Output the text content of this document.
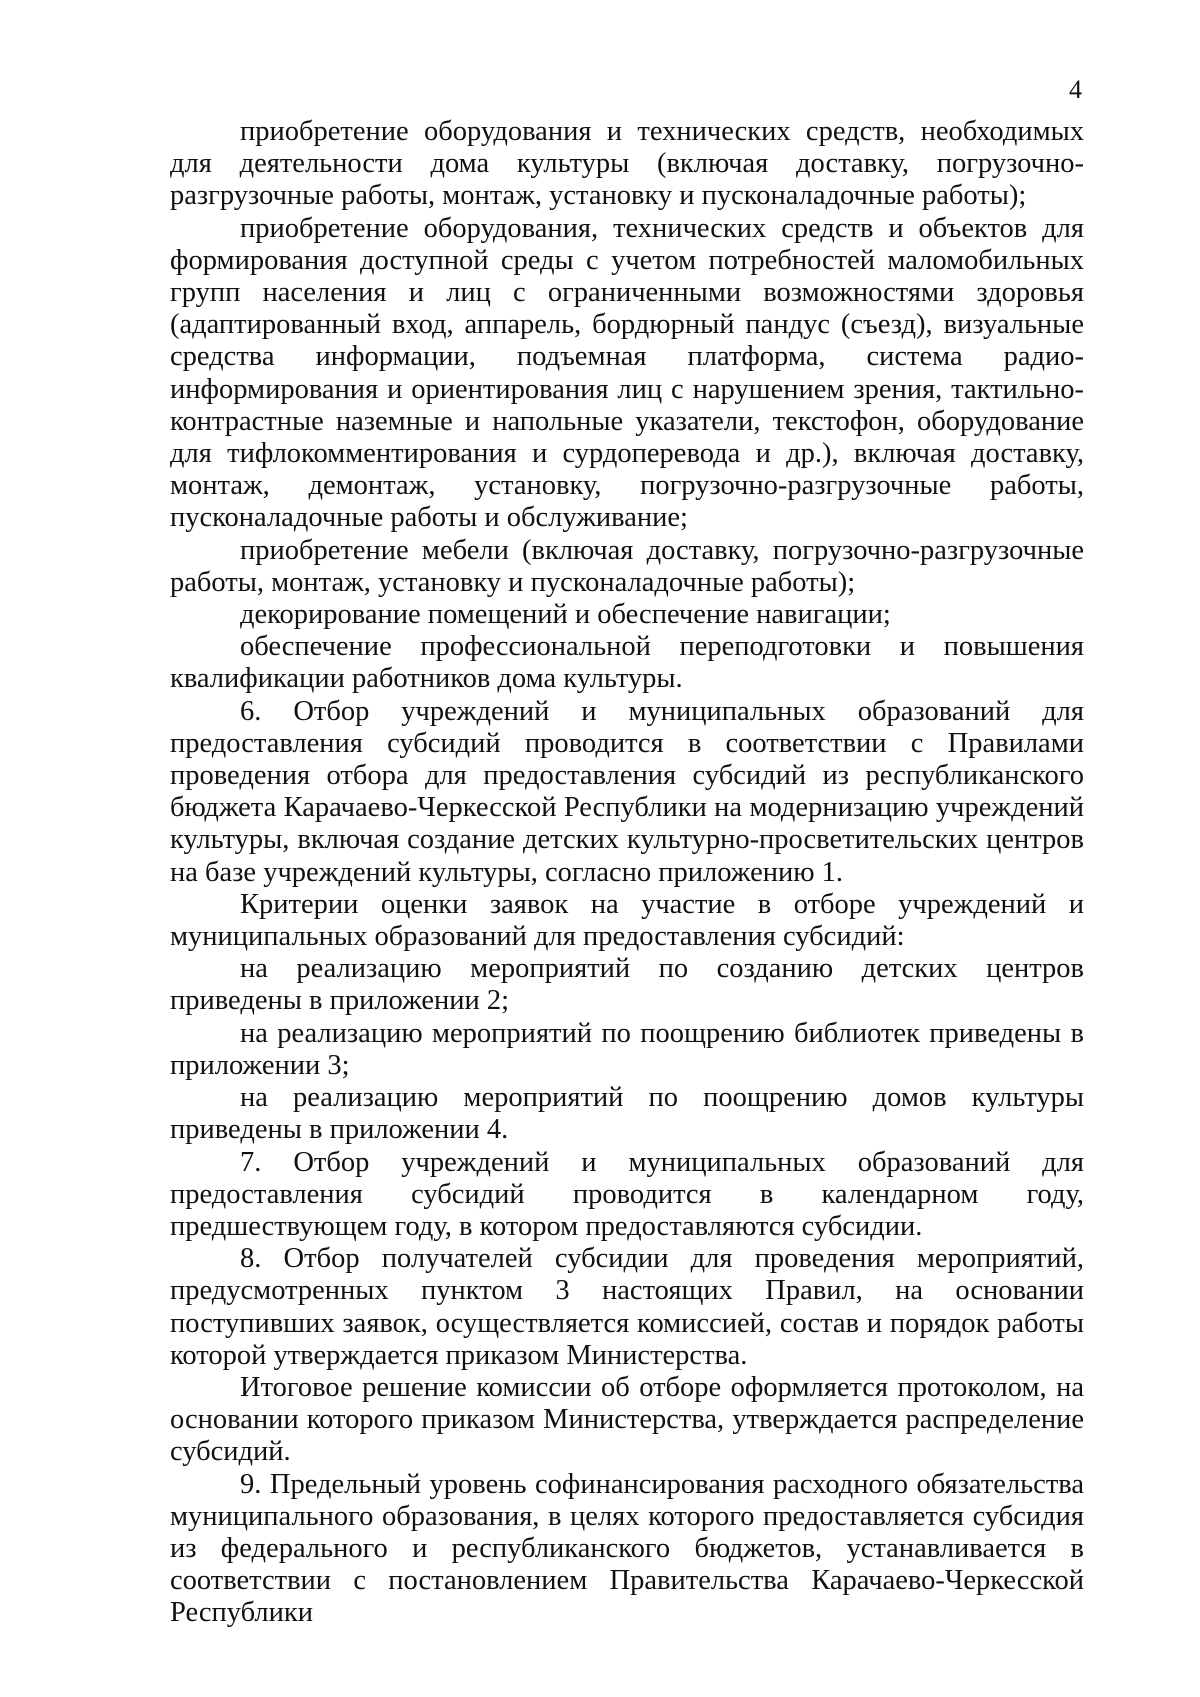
4

приобретение оборудования и технических средств, необходимых для деятельности дома культуры (включая доставку, погрузочно-разгрузочные работы, монтаж, установку и пусконаладочные работы);

приобретение оборудования, технических средств и объектов для формирования доступной среды с учетом потребностей маломобильных групп населения и лиц с ограниченными возможностями здоровья (адаптированный вход, аппарель, бордюрный пандус (съезд), визуальные средства информации, подъемная платформа, система радио-информирования и ориентирования лиц с нарушением зрения, тактильно-контрастные наземные и напольные указатели, текстофон, оборудование для тифлокомментирования и сурдоперевода и др.), включая доставку, монтаж, демонтаж, установку, погрузочно-разгрузочные работы, пусконаладочные работы и обслуживание;

приобретение мебели (включая доставку, погрузочно-разгрузочные работы, монтаж, установку и пусконаладочные работы);

декорирование помещений и обеспечение навигации;

обеспечение профессиональной переподготовки и повышения квалификации работников дома культуры.

6. Отбор учреждений и муниципальных образований для предоставления субсидий проводится в соответствии с Правилами проведения отбора для предоставления субсидий из республиканского бюджета Карачаево-Черкесской Республики на модернизацию учреждений культуры, включая создание детских культурно-просветительских центров на базе учреждений культуры, согласно приложению 1.

Критерии оценки заявок на участие в отборе учреждений и муниципальных образований для предоставления субсидий:

на реализацию мероприятий по созданию детских центров приведены в приложении 2;

на реализацию мероприятий по поощрению библиотек приведены в приложении 3;

на реализацию мероприятий по поощрению домов культуры приведены в приложении 4.

7. Отбор учреждений и муниципальных образований для предоставления субсидий проводится в календарном году, предшествующем году, в котором предоставляются субсидии.

8. Отбор получателей субсидии для проведения мероприятий, предусмотренных пунктом 3 настоящих Правил, на основании поступивших заявок, осуществляется комиссией, состав и порядок работы которой утверждается приказом Министерства.

Итоговое решение комиссии об отборе оформляется протоколом, на основании которого приказом Министерства, утверждается распределение субсидий.

9. Предельный уровень софинансирования расходного обязательства муниципального образования, в целях которого предоставляется субсидия из федерального и республиканского бюджетов, устанавливается в соответствии с постановлением Правительства Карачаево-Черкесской Республики
